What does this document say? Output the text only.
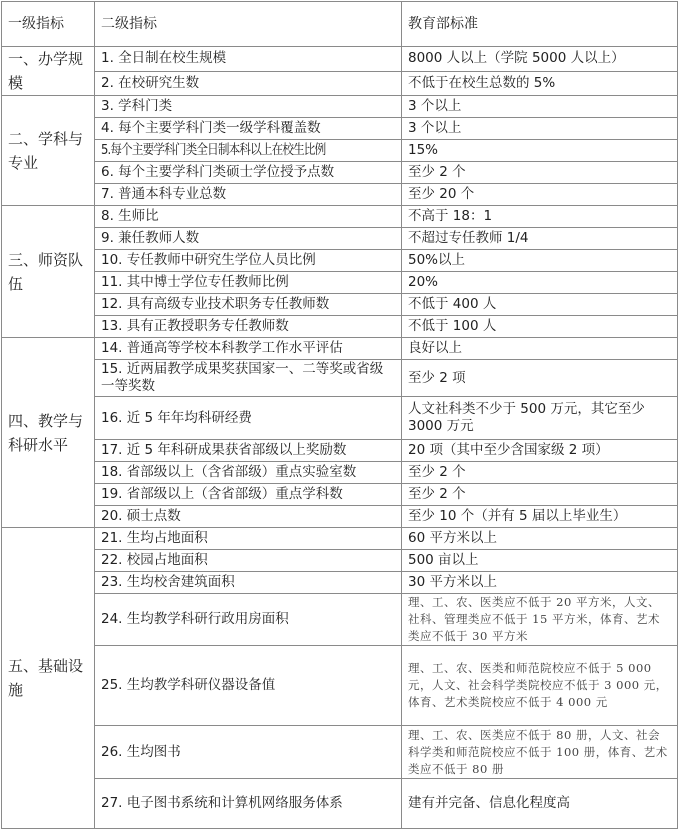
一级指标	二级指标	教育部标准
一、办学规模	1. 全日制在校生规模	8000 人以上（学院 5000 人以上）
	2. 在校研究生数	不低于在校生总数的 5%
二、学科与专业	3. 学科门类	3 个以上
	4. 每个主要学科门类一级学科覆盖数	3 个以上
	5.每个主要学科门类全日制本科以上在校生比例	15%
	6. 每个主要学科门类硕士学位授予点数	至少 2 个
	7. 普通本科专业总数	至少 20 个
三、师资队伍	8. 生师比	不高于 18：1
	9. 兼任教师人数	不超过专任教师 1/4
	10. 专任教师中研究生学位人员比例	50%以上
	11. 其中博士学位专任教师比例	20%
	12. 具有高级专业技术职务专任教师数	不低于 400 人
	13. 具有正教授职务专任教师数	不低于 100 人
四、教学与科研水平	14. 普通高等学校本科教学工作水平评估	良好以上
	15. 近两届教学成果奖获国家一、二等奖或省级一等奖数	至少 2 项
	16. 近 5 年年均科研经费	人文社科类不少于 500 万元，其它至少 3000 万元
	17. 近 5 年科研成果获省部级以上奖励数	20 项（其中至少含国家级 2 项）
	18. 省部级以上（含省部级）重点实验室数	至少 2 个
	19. 省部级以上（含省部级）重点学科数	至少 2 个
	20. 硕士点数	至少 10 个（并有 5 届以上毕业生）
五、基础设施	21. 生均占地面积	60 平方米以上
	22. 校园占地面积	500 亩以上
	23. 生均校舍建筑面积	30 平方米以上
	24. 生均教学科研行政用房面积	理、工、农、医类应不低于 20 平方米，人文、社科、管理类应不低于 15 平方米，体育、艺术类应不低于 30 平方米
	25. 生均教学科研仪器设备值	理、工、农、医类和师范院校应不低于 5 000 元，人文、社会科学类院校应不低于 3 000 元，体育、艺术类院校应不低于 4 000 元
	26. 生均图书	理、工、农、医类应不低于 80 册，人文、社会科学类和师范院校应不低于 100 册，体育、艺术类应不低于 80 册
	27. 电子图书系统和计算机网络服务体系	建有并完备、信息化程度高
